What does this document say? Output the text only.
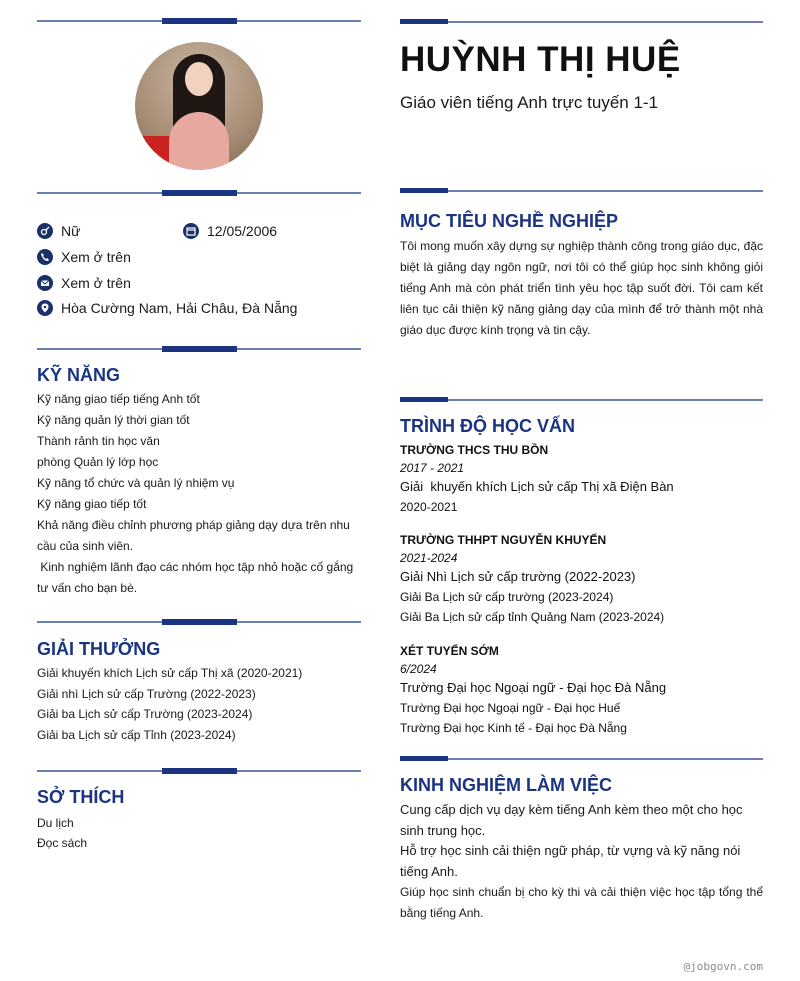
Nữ	12/05/2006
Xem ở trên
Xem ở trên
Hòa Cường Nam, Hải Châu, Đà Nẵng
KỸ NĂNG
Kỹ năng giao tiếp tiếng Anh tốt
Kỹ năng quản lý thời gian tốt
Thành rảnh tin học văn
phòng Quản lý lớp học
Kỹ năng tổ chức và quản lý nhiệm vụ
Kỹ năng giao tiếp tốt
Khả năng điều chỉnh phương pháp giảng dạy dựa trên nhu
cầu của sinh viên.
Kinh nghiệm lãnh đạo các nhóm học tập nhỏ hoặc cố gắng
tư vấn cho bạn bè.
GIẢI THƯỞNG
Giải khuyến khích Lịch sử cấp Thị xã (2020-2021)
Giải nhì Lịch sử cấp Trường (2022-2023)
Giải ba Lịch sử cấp Trường (2023-2024)
Giải ba Lịch sử cấp Tỉnh (2023-2024)
SỞ THÍCH
Du lịch
Đọc sách
HUỲNH THỊ HUỆ

Giáo viên tiếng Anh trực tuyến 1-1

MỤC TIÊU NGHỀ NGHIỆP

Tôi mong muốn xây dựng sự nghiệp thành công trong giáo dục, đặc biệt là giảng dạy ngôn ngữ, nơi tôi có thể giúp học sinh không giỏi tiếng Anh mà còn phát triển tình yêu học tập suốt đời. Tôi cam kết liên tục cải thiện kỹ năng giảng dạy của mình để trở thành một nhà giáo dục được kính trọng và tin cậy.

TRÌNH ĐỘ HỌC VẤN

TRƯỜNG THCS THU BỒN

2017 - 2021

Giải  khuyến khích Lịch sử cấp Thị xã Điện Bàn

2020-2021

TRƯỜNG THHPT NGUYỄN KHUYẾN

2021-2024

Giải Nhì Lịch sử cấp trường (2022-2023)

Giải Ba Lịch sử cấp trường (2023-2024)

Giải Ba Lịch sử cấp tỉnh Quảng Nam (2023-2024)

XÉT TUYỂN SỚM

6/2024

Trường Đại học Ngoại ngữ - Đại học Đà Nẵng

Trường Đại học Ngoại ngữ - Đại học Huế

Trường Đại học Kinh tế - Đại học Đà Nẵng

KINH NGHIỆM LÀM VIỆC

Cung cấp dịch vụ dạy kèm tiếng Anh kèm theo một cho học sinh trung học.

Hỗ trợ học sinh cải thiện ngữ pháp, từ vựng và kỹ năng nói tiếng Anh.

Giúp học sinh chuẩn bị cho kỳ thi và cải thiện việc học tập tổng thể bằng tiếng Anh.

@jobgovn.com
